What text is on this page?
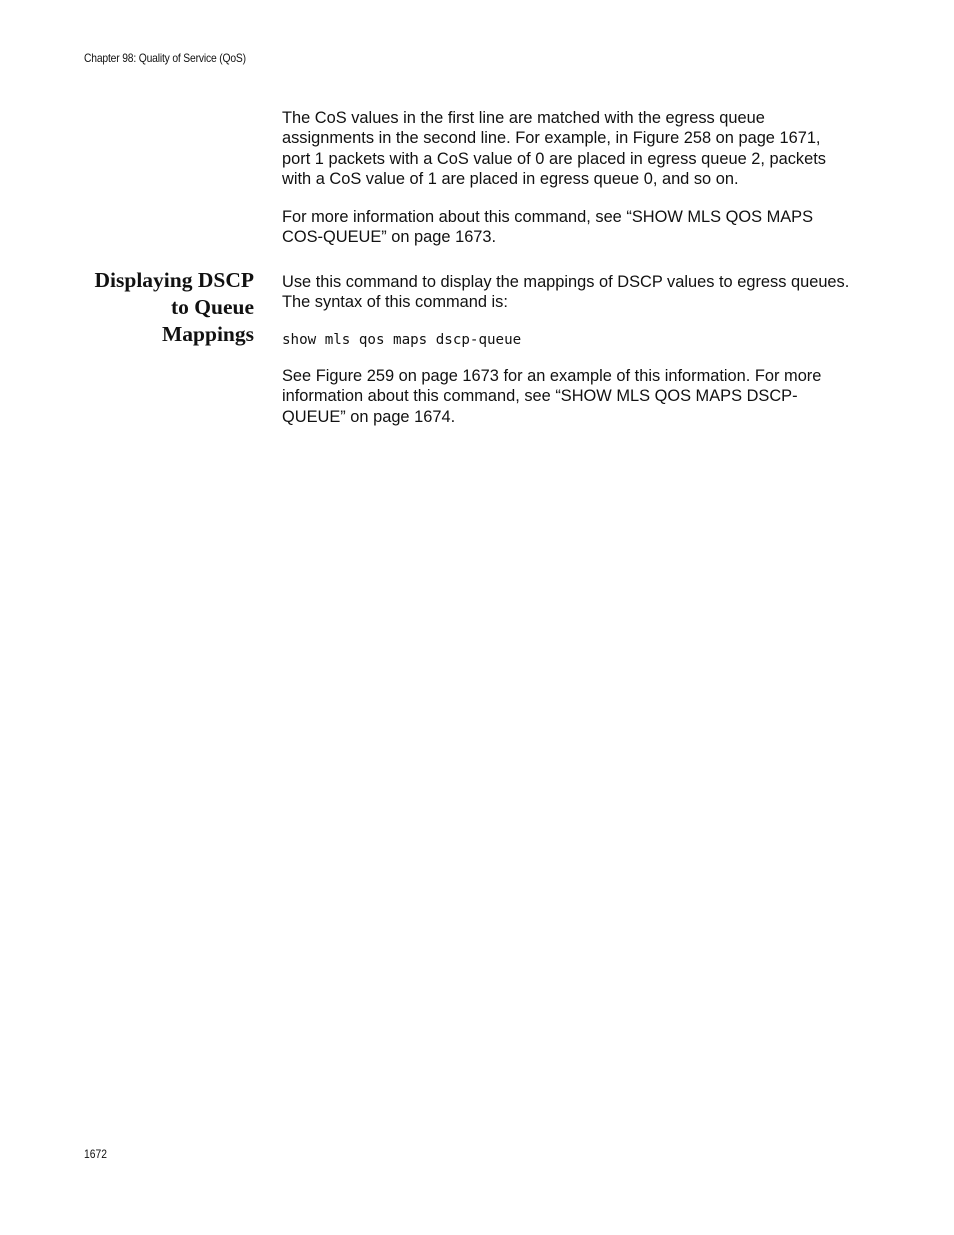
Chapter 98: Quality of Service (QoS)

The CoS values in the first line are matched with the egress queue assignments in the second line. For example, in Figure 258 on page 1671, port 1 packets with a CoS value of 0 are placed in egress queue 2, packets with a CoS value of 1 are placed in egress queue 0, and so on.

For more information about this command, see “SHOW MLS QOS MAPS COS-QUEUE” on page 1673.

Displaying DSCP
to Queue
Mappings

Use this command to display the mappings of DSCP values to egress queues. The syntax of this command is:

show mls qos maps dscp-queue

See Figure 259 on page 1673 for an example of this information. For more information about this command, see “SHOW MLS QOS MAPS DSCP-QUEUE” on page 1674.

1672
